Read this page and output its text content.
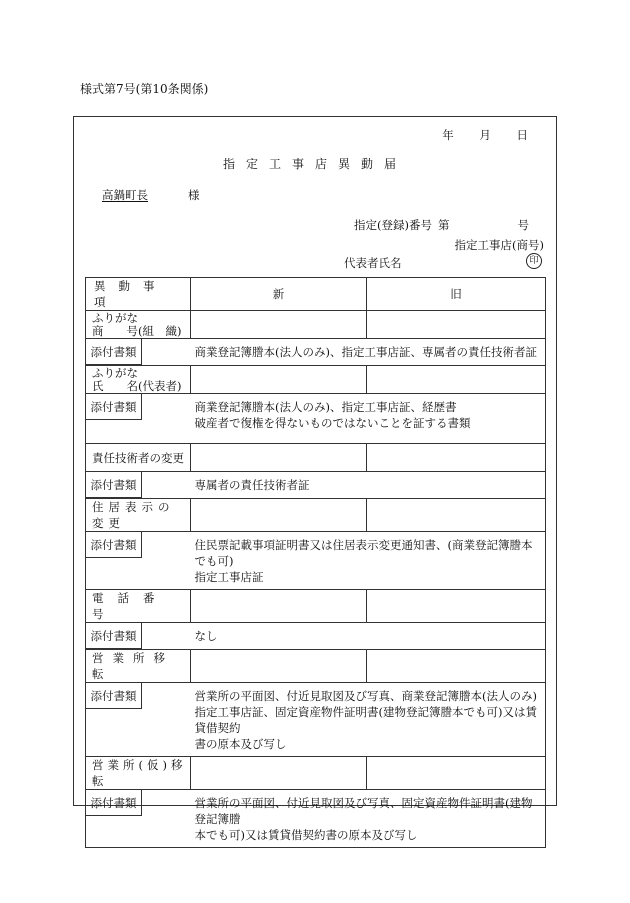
様式第7号(第10条関係)
年 月 日
指定工事店異動届
高鍋町長	様
指定(登録)番号 第	号
指定工事店(商号)
代表者氏名	印
異動事項	新	旧

ふりがな
商　　号(組　織)		

添付書類	商業登記簿謄本(法人のみ)、指定工事店証、専属者の責任技術者証	

ふりがな
氏　　名(代表者)		

添付書類	商業登記簿謄本(法人のみ)、指定工事店証、経歴書
破産者で復権を得ないものではないことを証する書類	

責任技術者の変更		

添付書類	専属者の責任技術者証	

住居表示の変更		

添付書類	住民票記載事項証明書又は住居表示変更通知書、(商業登記簿謄本でも可)
指定工事店証	

電話番号		

添付書類	なし	

営業所移転		

添付書類	営業所の平面図、付近見取図及び写真、商業登記簿謄本(法人のみ)
指定工事店証、固定資産物件証明書(建物登記簿謄本でも可)又は賃貸借契約
書の原本及び写し	

営業所(仮)移転		

添付書類	営業所の平面図、付近見取図及び写真、固定資産物件証明書(建物登記簿謄
本でも可)又は賃貸借契約書の原本及び写し	
